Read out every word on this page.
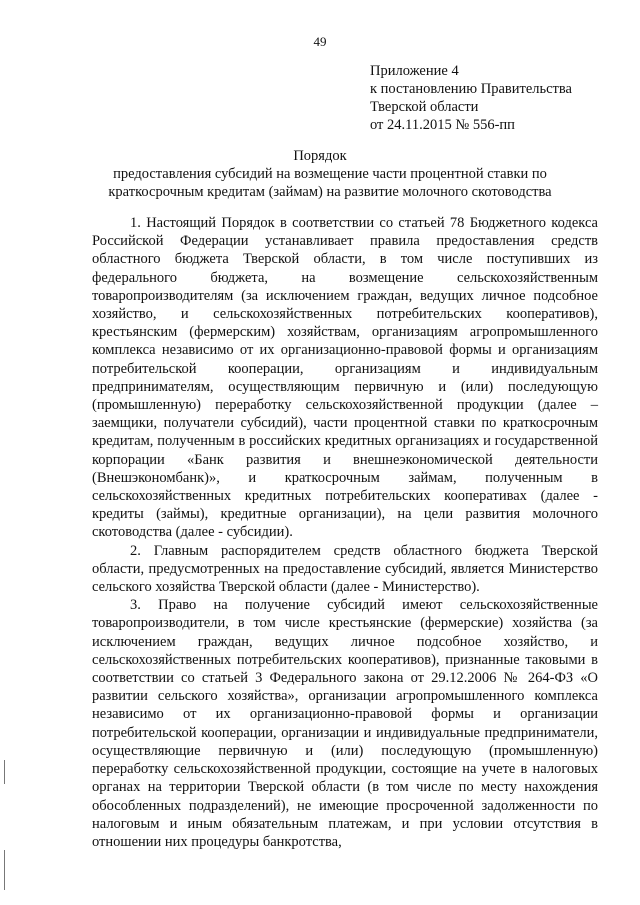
49
Приложение 4
к постановлению Правительства
Тверской области
от 24.11.2015 № 556-пп
Порядок
предоставления субсидий на возмещение части процентной ставки по краткосрочным кредитам (займам) на развитие молочного скотоводства

1. Настоящий Порядок в соответствии со статьей 78 Бюджетного кодекса Российской Федерации устанавливает правила предоставления средств областного бюджета Тверской области, в том числе поступивших из федерального бюджета, на возмещение сельскохозяйственным товаропроизводителям (за исключением граждан, ведущих личное подсобное хозяйство, и сельскохозяйственных потребительских кооперативов), крестьянским (фермерским) хозяйствам, организациям агропромышленного комплекса независимо от их организационно-правовой формы и организациям потребительской кооперации, организациям и индивидуальным предпринимателям, осуществляющим первичную и (или) последующую (промышленную) переработку сельскохозяйственной продукции (далее – заемщики, получатели субсидий), части процентной ставки по краткосрочным кредитам, полученным в российских кредитных организациях и государственной корпорации «Банк развития и внешнеэкономической деятельности (Внешэкономбанк)», и краткосрочным займам, полученным в сельскохозяйственных кредитных потребительских кооперативах (далее - кредиты (займы), кредитные организации), на цели развития молочного скотоводства (далее - субсидии).

2. Главным распорядителем средств областного бюджета Тверской области, предусмотренных на предоставление субсидий, является Министерство сельского хозяйства Тверской области (далее - Министерство).

3. Право на получение субсидий имеют сельскохозяйственные товаропроизводители, в том числе крестьянские (фермерские) хозяйства (за исключением граждан, ведущих личное подсобное хозяйство, и сельскохозяйственных потребительских кооперативов), признанные таковыми в соответствии со статьей 3 Федерального закона от 29.12.2006 № 264-ФЗ «О развитии сельского хозяйства», организации агропромышленного комплекса независимо от их организационно-правовой формы и организации потребительской кооперации, организации и индивидуальные предприниматели, осуществляющие первичную и (или) последующую (промышленную) переработку сельскохозяйственной продукции, состоящие на учете в налоговых органах на территории Тверской области (в том числе по месту нахождения обособленных подразделений), не имеющие просроченной задолженности по налоговым и иным обязательным платежам, и при условии отсутствия в отношении них процедуры банкротства,
